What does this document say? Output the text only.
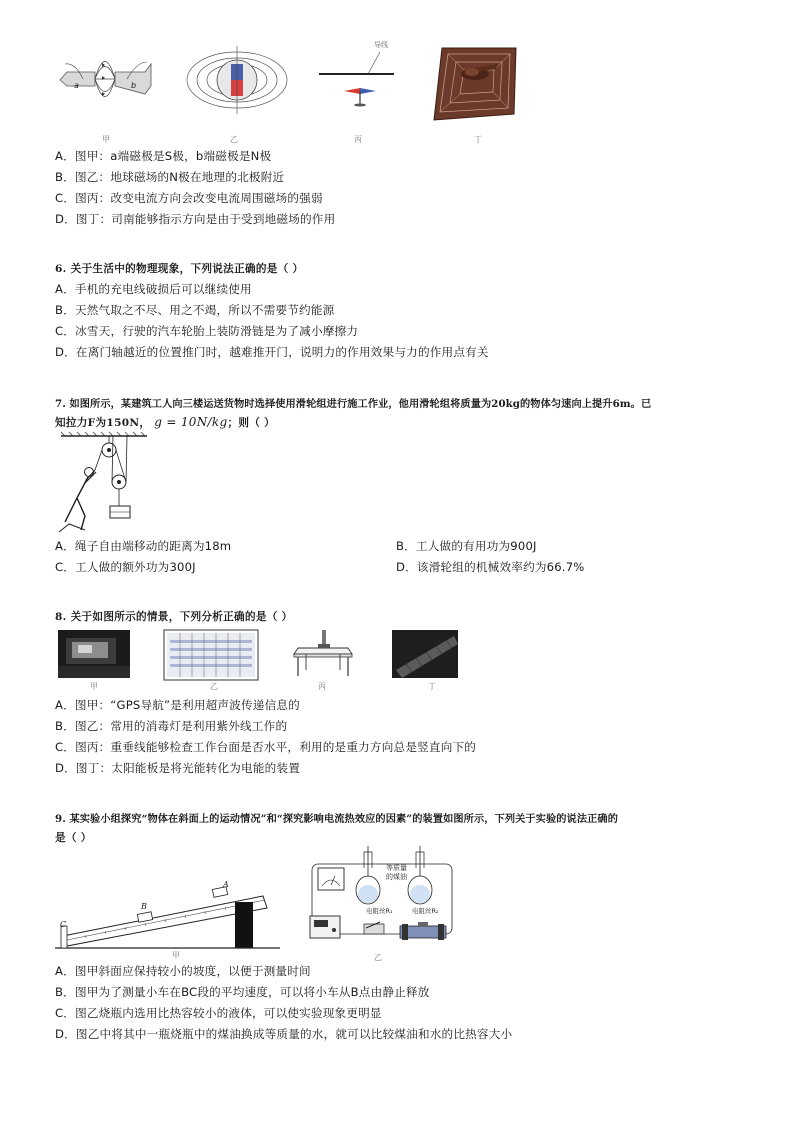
a	b
导线
甲	乙	丙	丁
A．图甲：a端磁极是S极，b端磁极是N极
B．图乙：地球磁场的N极在地理的北极附近
C．图丙：改变电流方向会改变电流周围磁场的强弱
D．图丁：司南能够指示方向是由于受到地磁场的作用
6. 关于生活中的物理现象，下列说法正确的是（ ）
A．手机的充电线破损后可以继续使用
B．天然气取之不尽、用之不竭，所以不需要节约能源
C．冰雪天，行驶的汽车轮胎上装防滑链是为了减小摩擦力
D．在离门轴越近的位置推门时，越难推开门，说明力的作用效果与力的作用点有关
7. 如图所示，某建筑工人向三楼运送货物时选择使用滑轮组进行施工作业，他用滑轮组将质量为20kg的物体匀速向上提升6m。已
知拉力F为150N， g = 10N/kg；则（ ）
A．绳子自由端移动的距离为18m	B．工人做的有用功为900J
C．工人做的额外功为300J	D．该滑轮组的机械效率约为66.7%
8. 关于如图所示的情景，下列分析正确的是（ ）
甲	乙	丙	丁
A．图甲：“GPS导航”是利用超声波传递信息的
B．图乙：常用的消毒灯是利用紫外线工作的
C．图丙：重垂线能够检查工作台面是否水平，利用的是重力方向总是竖直向下的
D．图丁：太阳能板是将光能转化为电能的装置
9. 某实验小组探究“物体在斜面上的运动情况”和“探究影响电流热效应的因素”的装置如图所示，下列关于实验的说法正确的
是（ ）
B
A
C
甲
等质量
的煤油
电阻丝R₁	电阻丝R₂
乙
A．图甲斜面应保持较小的坡度，以便于测量时间
B．图甲为了测量小车在BC段的平均速度，可以将小车从B点由静止释放
C．图乙烧瓶内选用比热容较小的液体，可以使实验现象更明显
D．图乙中将其中一瓶烧瓶中的煤油换成等质量的水，就可以比较煤油和水的比热容大小
